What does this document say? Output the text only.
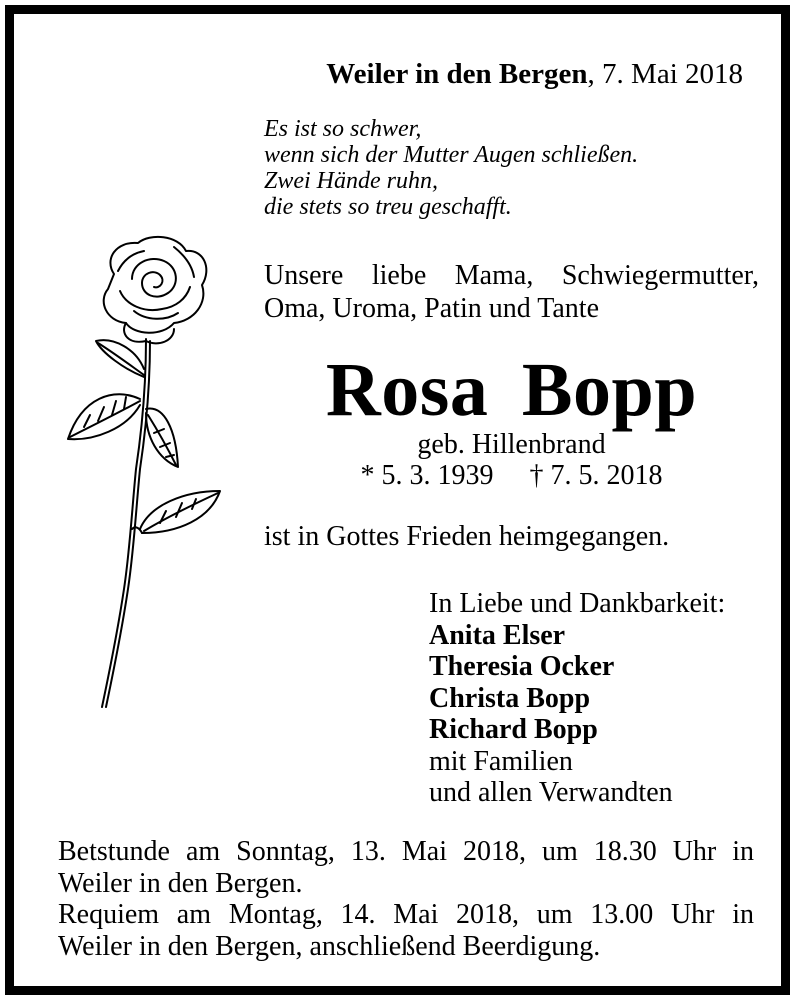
Weiler in den Bergen, 7. Mai 2018
Es ist so schwer,
wenn sich der Mutter Augen schließen.
Zwei Hände ruhn,
die stets so treu geschafft.
Unsere liebe Mama, Schwiegermutter,
Oma, Uroma, Patin und Tante
Rosa Bopp
geb. Hillenbrand
* 5. 3. 1939 † 7. 5. 2018
ist in Gottes Frieden heimgegangen.
In Liebe und Dankbarkeit:
Anita Elser
Theresia Ocker
Christa Bopp
Richard Bopp
mit Familien
und allen Verwandten
Betstunde am Sonntag, 13. Mai 2018, um 18.30 Uhr in
Weiler in den Bergen.
Requiem am Montag, 14. Mai 2018, um 13.00 Uhr in
Weiler in den Bergen, anschließend Beerdigung.
